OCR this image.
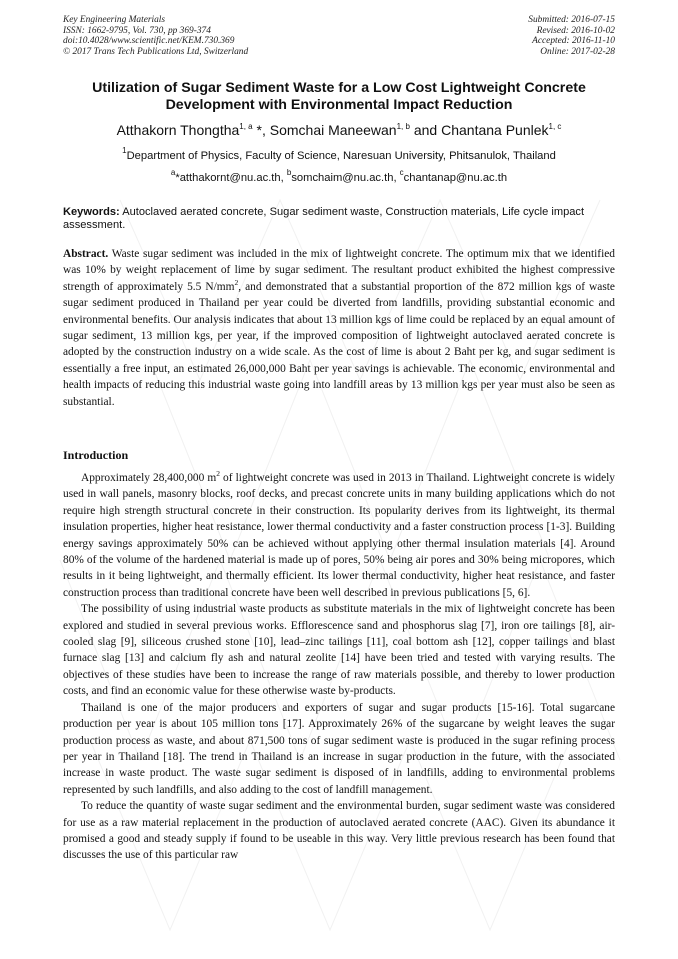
Key Engineering Materials
ISSN: 1662-9795, Vol. 730, pp 369-374
doi:10.4028/www.scientific.net/KEM.730.369
© 2017 Trans Tech Publications Ltd, Switzerland
Submitted: 2016-07-15
Revised: 2016-10-02
Accepted: 2016-11-10
Online: 2017-02-28
Utilization of Sugar Sediment Waste for a Low Cost Lightweight Concrete Development with Environmental Impact Reduction
Atthakorn Thongtha$^{1, a}$ *, Somchai Maneewan$^{1, b}$ and Chantana Punlek$^{1, c}$
$^1$Department of Physics, Faculty of Science, Naresuan University, Phitsanulok, Thailand
$^a$*atthakornt@nu.ac.th, $^b$somchaim@nu.ac.th, $^c$chantanap@nu.ac.th
Keywords: Autoclaved aerated concrete, Sugar sediment waste, Construction materials, Life cycle impact assessment.
Abstract. Waste sugar sediment was included in the mix of lightweight concrete. The optimum mix that we identified was 10% by weight replacement of lime by sugar sediment. The resultant product exhibited the highest compressive strength of approximately 5.5 $N/mm^2$, and demonstrated that a substantial proportion of the 872 million kgs of waste sugar sediment produced in Thailand per year could be diverted from landfills, providing substantial economic and environmental benefits. Our analysis indicates that about 13 million kgs of lime could be replaced by an equal amount of sugar sediment, 13 million kgs, per year, if the improved composition of lightweight autoclaved aerated concrete is adopted by the construction industry on a wide scale. As the cost of lime is about 2 Baht per kg, and sugar sediment is essentially a free input, an estimated 26,000,000 Baht per year savings is achievable. The economic, environmental and health impacts of reducing this industrial waste going into landfill areas by 13 million kgs per year must also be seen as substantial.
Introduction

Approximately 28,400,000 $m^2$ of lightweight concrete was used in 2013 in Thailand. Lightweight concrete is widely used in wall panels, masonry blocks, roof decks, and precast concrete units in many building applications which do not require high strength structural concrete in their construction. Its popularity derives from its lightweight, its thermal insulation properties, higher heat resistance, lower thermal conductivity and a faster construction process [1-3]. Building energy savings approximately 50% can be achieved without applying other thermal insulation materials [4]. Around 80% of the volume of the hardened material is made up of pores, 50% being air pores and 30% being micropores, which results in it being lightweight, and thermally efficient. Its lower thermal conductivity, higher heat resistance, and faster construction process than traditional concrete have been well described in previous publications [5, 6].

The possibility of using industrial waste products as substitute materials in the mix of lightweight concrete has been explored and studied in several previous works. Efflorescence sand and phosphorus slag [7], iron ore tailings [8], air-cooled slag [9], siliceous crushed stone [10], lead–zinc tailings [11], coal bottom ash [12], copper tailings and blast furnace slag [13] and calcium fly ash and natural zeolite [14] have been tried and tested with varying results. The objectives of these studies have been to increase the range of raw materials possible, and thereby to lower production costs, and find an economic value for these otherwise waste by-products.

Thailand is one of the major producers and exporters of sugar and sugar products [15-16]. Total sugarcane production per year is about 105 million tons [17]. Approximately 26% of the sugarcane by weight leaves the sugar production process as waste, and about 871,500 tons of sugar sediment waste is produced in the sugar refining process per year in Thailand [18]. The trend in Thailand is an increase in sugar production in the future, with the associated increase in waste product. The waste sugar sediment is disposed of in landfills, adding to environmental problems represented by such landfills, and also adding to the cost of landfill management.

To reduce the quantity of waste sugar sediment and the environmental burden, sugar sediment waste was considered for use as a raw material replacement in the production of autoclaved aerated concrete (AAC). Given its abundance it promised a good and steady supply if found to be useable in this way. Very little previous research has been found that discusses the use of this particular raw
